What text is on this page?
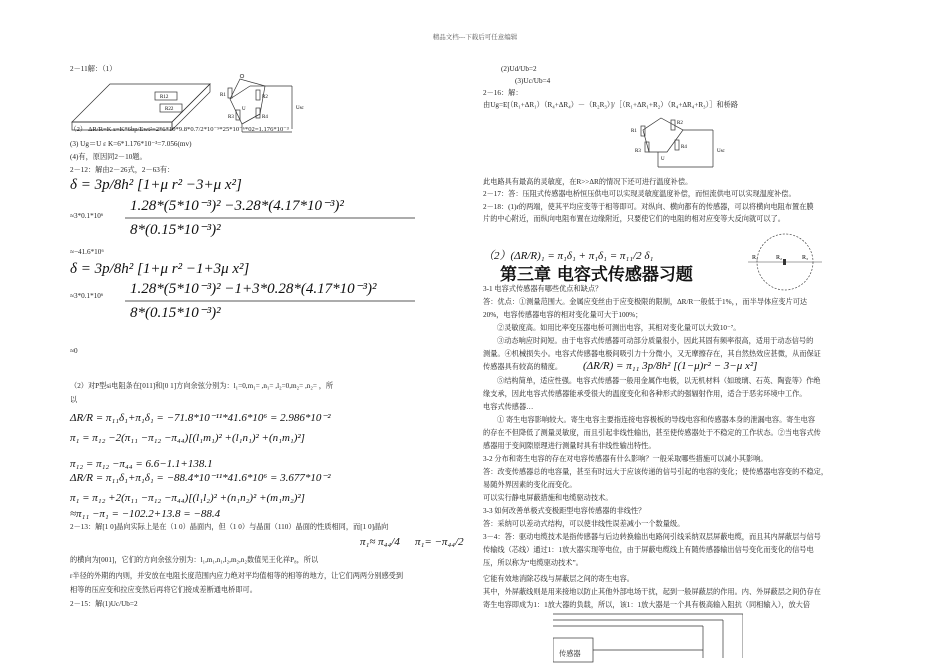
精品文档---下载后可任意编辑
2－11解：（1）
R12
R22
R1	R2
R3	R4
U	Usc
（2） ΔR/R=K ε=K*6bp/Ewt²=2*6*10*9.8*0.7/2*10⁻⁹*25*10⁻⁶*02=1.176*10⁻³
(3) Ug＝U ε K=6*1.176*10⁻³=7.056(mv)
(4)有，原因同2－10题。
2－12：解由2－26式，2－63有：
δ = 3p/8h² [1+μ r² −3+μ x²]
≈3*0.1*10⁶
1.28*(5*10⁻³)² −3.28*(4.17*10⁻³)²
8*(0.15*10⁻³)²
≈−41.6*10⁶
δ = 3p/8h² [1+μ r² −1+3μ x²]
≈3*0.1*10⁶ 1.28*(5*10⁻³)² −1+3*0.28*(4.17*10⁻³)²
8*(0.15*10⁻³)²
≈0
（2）对P型si电阻条在[011]和[0 1]方向余弦分别为：l₁=0,m₁= ,n₁= ,l₂=0,m₂= ,n₂= ，所
以
ΔR/R = π₁₁δ₁+π₁δ₁ = −71.8*10⁻¹¹*41.6*10⁶ = 2.986*10⁻²
π₁ = π₁₂ −2(π₁₁ −π₁₂ −π₄₄)[(l₁m₁)² +(l₁n₁)² +(n₁m₁)²]
π₁₂ = π₁₂ −π₄₄ = 6.6−1.1+138.1
ΔR/R = π₁₁δ₁+π₁δ₁ = −88.4*10⁻¹¹*41.6*10⁶ = 3.677*10⁻²
π₁ = π₁₂ +2(π₁₁ −π₁₂ −π₄₄)[(l₁l₂)² +(n₁n₂)² +(m₁m₂)²]
≈π₁₁ −π₁ = −102.2+13.8 = −88.4
2－13：解[1 0]晶向实际上是在（1 0）晶面内，但（1 0）与晶面（110）晶面的性质相同，而[1 0]晶向
π₁≈ π₄₄/4 π₁= −π₄₄/2
的横向为[001]，它们的方向余弦分别为：l₁,m₁,n₁,l₂,m₂,n₂数值见王化祥P₈，所以
r半径的外期的内则，并安放在电阻长度范围内应力绝对平均值相等的相等的地方，让它们两两分别感受到
相等的压应变和拉应变然后再将它们接成差断通电桥即可。
2－15：解(1)Uc/Ub=2
(2)Ud/Ub=2
(3)Uc/Ub=4
2－16：解：
由Ug=E[（R₁+ΔR₁）（R₄+ΔR₄）－（R₂R₃）]/［（R₁+ΔR₁+R₂）（R₄+ΔR₄+R₃）］和桥路
R1
R2
R3
R4
U
Usc
此电路具有最高的灵敏度，在R>>ΔR的情况下还可进行温度补偿。
2－17：答：压阻式传感器电桥恒压供电可以实现灵敏度温度补偿，而恒流供电可以实现温度补偿。
2－18：(1)r的两端，使其平均应变等于相等即可。对纵向、横向都有的传感器，可以将横向电阻布置在膜
片的中心附近，而纵向电阻布置在边缘附近，只要使它们的电阻的相对应变等大反向就可以了。
（2）(ΔR/R)₁ = π₁δ₁ + π₁δ₁ = π₁₁/2 δ₁	R₁	R₂	R₃
3-1 电容式传感器有哪些优点和缺点？
答：优点：①测量范围大。金属应变丝由于应变极限的限制，ΔR/R一般低于1%，，而半导体应变片可达
20%，电容传感器电容的相对变化量可大于100%；
②灵敏度高。如用比率变压器电桥可测出电容，其相对变化量可以大致10⁻⁷。
③动态响应时间短。由于电容式传感器可动部分质量很小，因此其固有频率很高，适用于动态信号的
测量。④机械损失小。电容式传感器电极间吸引力十分微小，又无摩擦存在，其自然热效应甚微，从而保证
传感器具有较高的精度。 (ΔR/R) = π₁₁ 3p/8h² [(1−μ)r² − 3−μ x²]
⑤结构简单，适应性强。电容式传感器一般用金属作电极，以无机材料（如玻璃、石英、陶瓷等）作绝
缘支承，因此电容式传感器能承受很大的温度变化和各种形式的强辐射作用，适合于恶劣环境中工作。
电容式传感器…
① 寄生电容影响较大。寄生电容主要指连接电容极板的导线电容和传感器本身的泄漏电容。寄生电容
的存在不但降低了测量灵敏度，而且引起非线性输出，甚至使传感器处于不稳定的工作状态。②当电容式传
感器用于变间隙原理进行测量时具有非线性输出特性。
3-2 分布和寄生电容的存在对电容传感器有什么影响？一般采取哪些措施可以减小其影响。
答：改变传感器总的电容量，甚至有时远大于应该传递的信号引起的电容的变化；使传感器电容变的不稳定，
易随外界因素的变化而变化。
可以实行静电屏蔽措施和电缆驱动技术。
3-3 如何改善单极式变极距型电容传感器的非线性？
答：采纳可以差动式结构，可以使非线性误差减小一个数量级。
3－4：答：驱动电缆技术是指传感器与后边转换输出电路间引线采纳双层屏蔽电缆，而且其内屏蔽层与信号
传输线（芯线）通过1：1放大器实现等电位，由于屏蔽电缆线上有随传感器输出信号变化而变化的信号电
压，所以称为“电缆驱动技术”。
它能有效地消除芯线与屏蔽层之间的寄生电容。
其中，外屏蔽线则是用来接地以防止其他外部电场干扰，起到一般屏蔽层的作用。内、外屏蔽层之间仍存在
寄生电容即成为1：1放大器的负载，所以，该1：1放大器是一个具有极高输入阻抗（同相输入），放大倍
传感器
第三章 电容式传感器习题
